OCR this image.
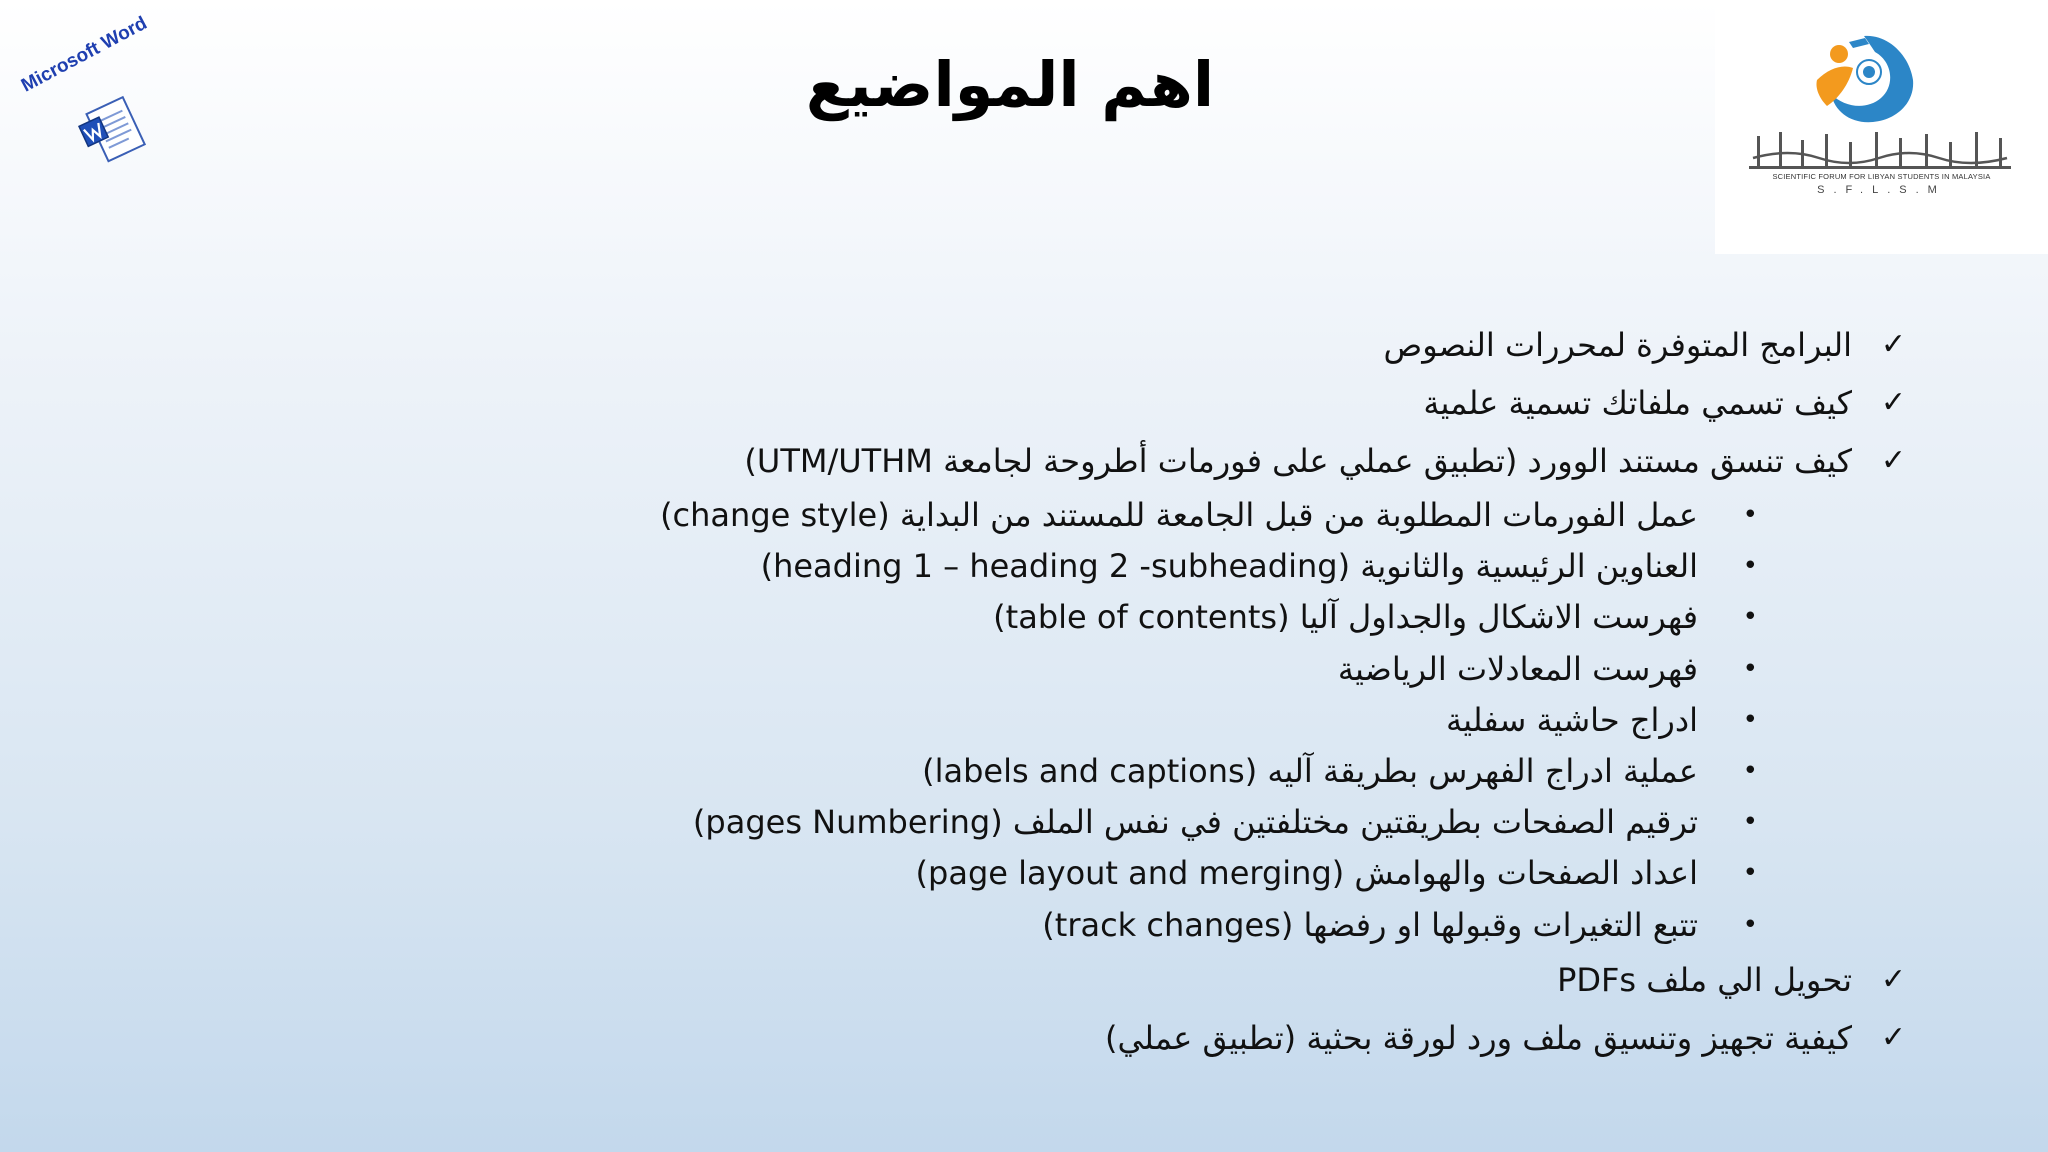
Microsoft Word
SCIENTIFIC FORUM FOR LIBYAN STUDENTS IN MALAYSIA
S.F.L.S.M
اهم المواضيع
✓
البرامج المتوفرة لمحررات النصوص
✓
كيف تسمي ملفاتك تسمية علمية
✓
كيف تنسق مستند الوورد (تطبيق عملي على فورمات أطروحة لجامعة UTM/UTHM)
•
عمل الفورمات المطلوبة من قبل الجامعة للمستند من البداية (change style)
•
العناوين الرئيسية والثانوية (heading 1 – heading 2 -subheading)
•
فهرست الاشكال والجداول آليا (table of contents)
•
فهرست المعادلات الرياضية
•
ادراج حاشية سفلية
•
عملية ادراج الفهرس بطريقة آليه (labels and captions)
•
ترقيم الصفحات بطريقتين مختلفتين في نفس الملف (pages Numbering)
•
اعداد الصفحات والهوامش (page layout and merging)
•
تتبع التغيرات وقبولها او رفضها (track changes)
✓
تحويل الي ملف PDFs
✓
كيفية تجهيز وتنسيق ملف ورد لورقة بحثية (تطبيق عملي)
